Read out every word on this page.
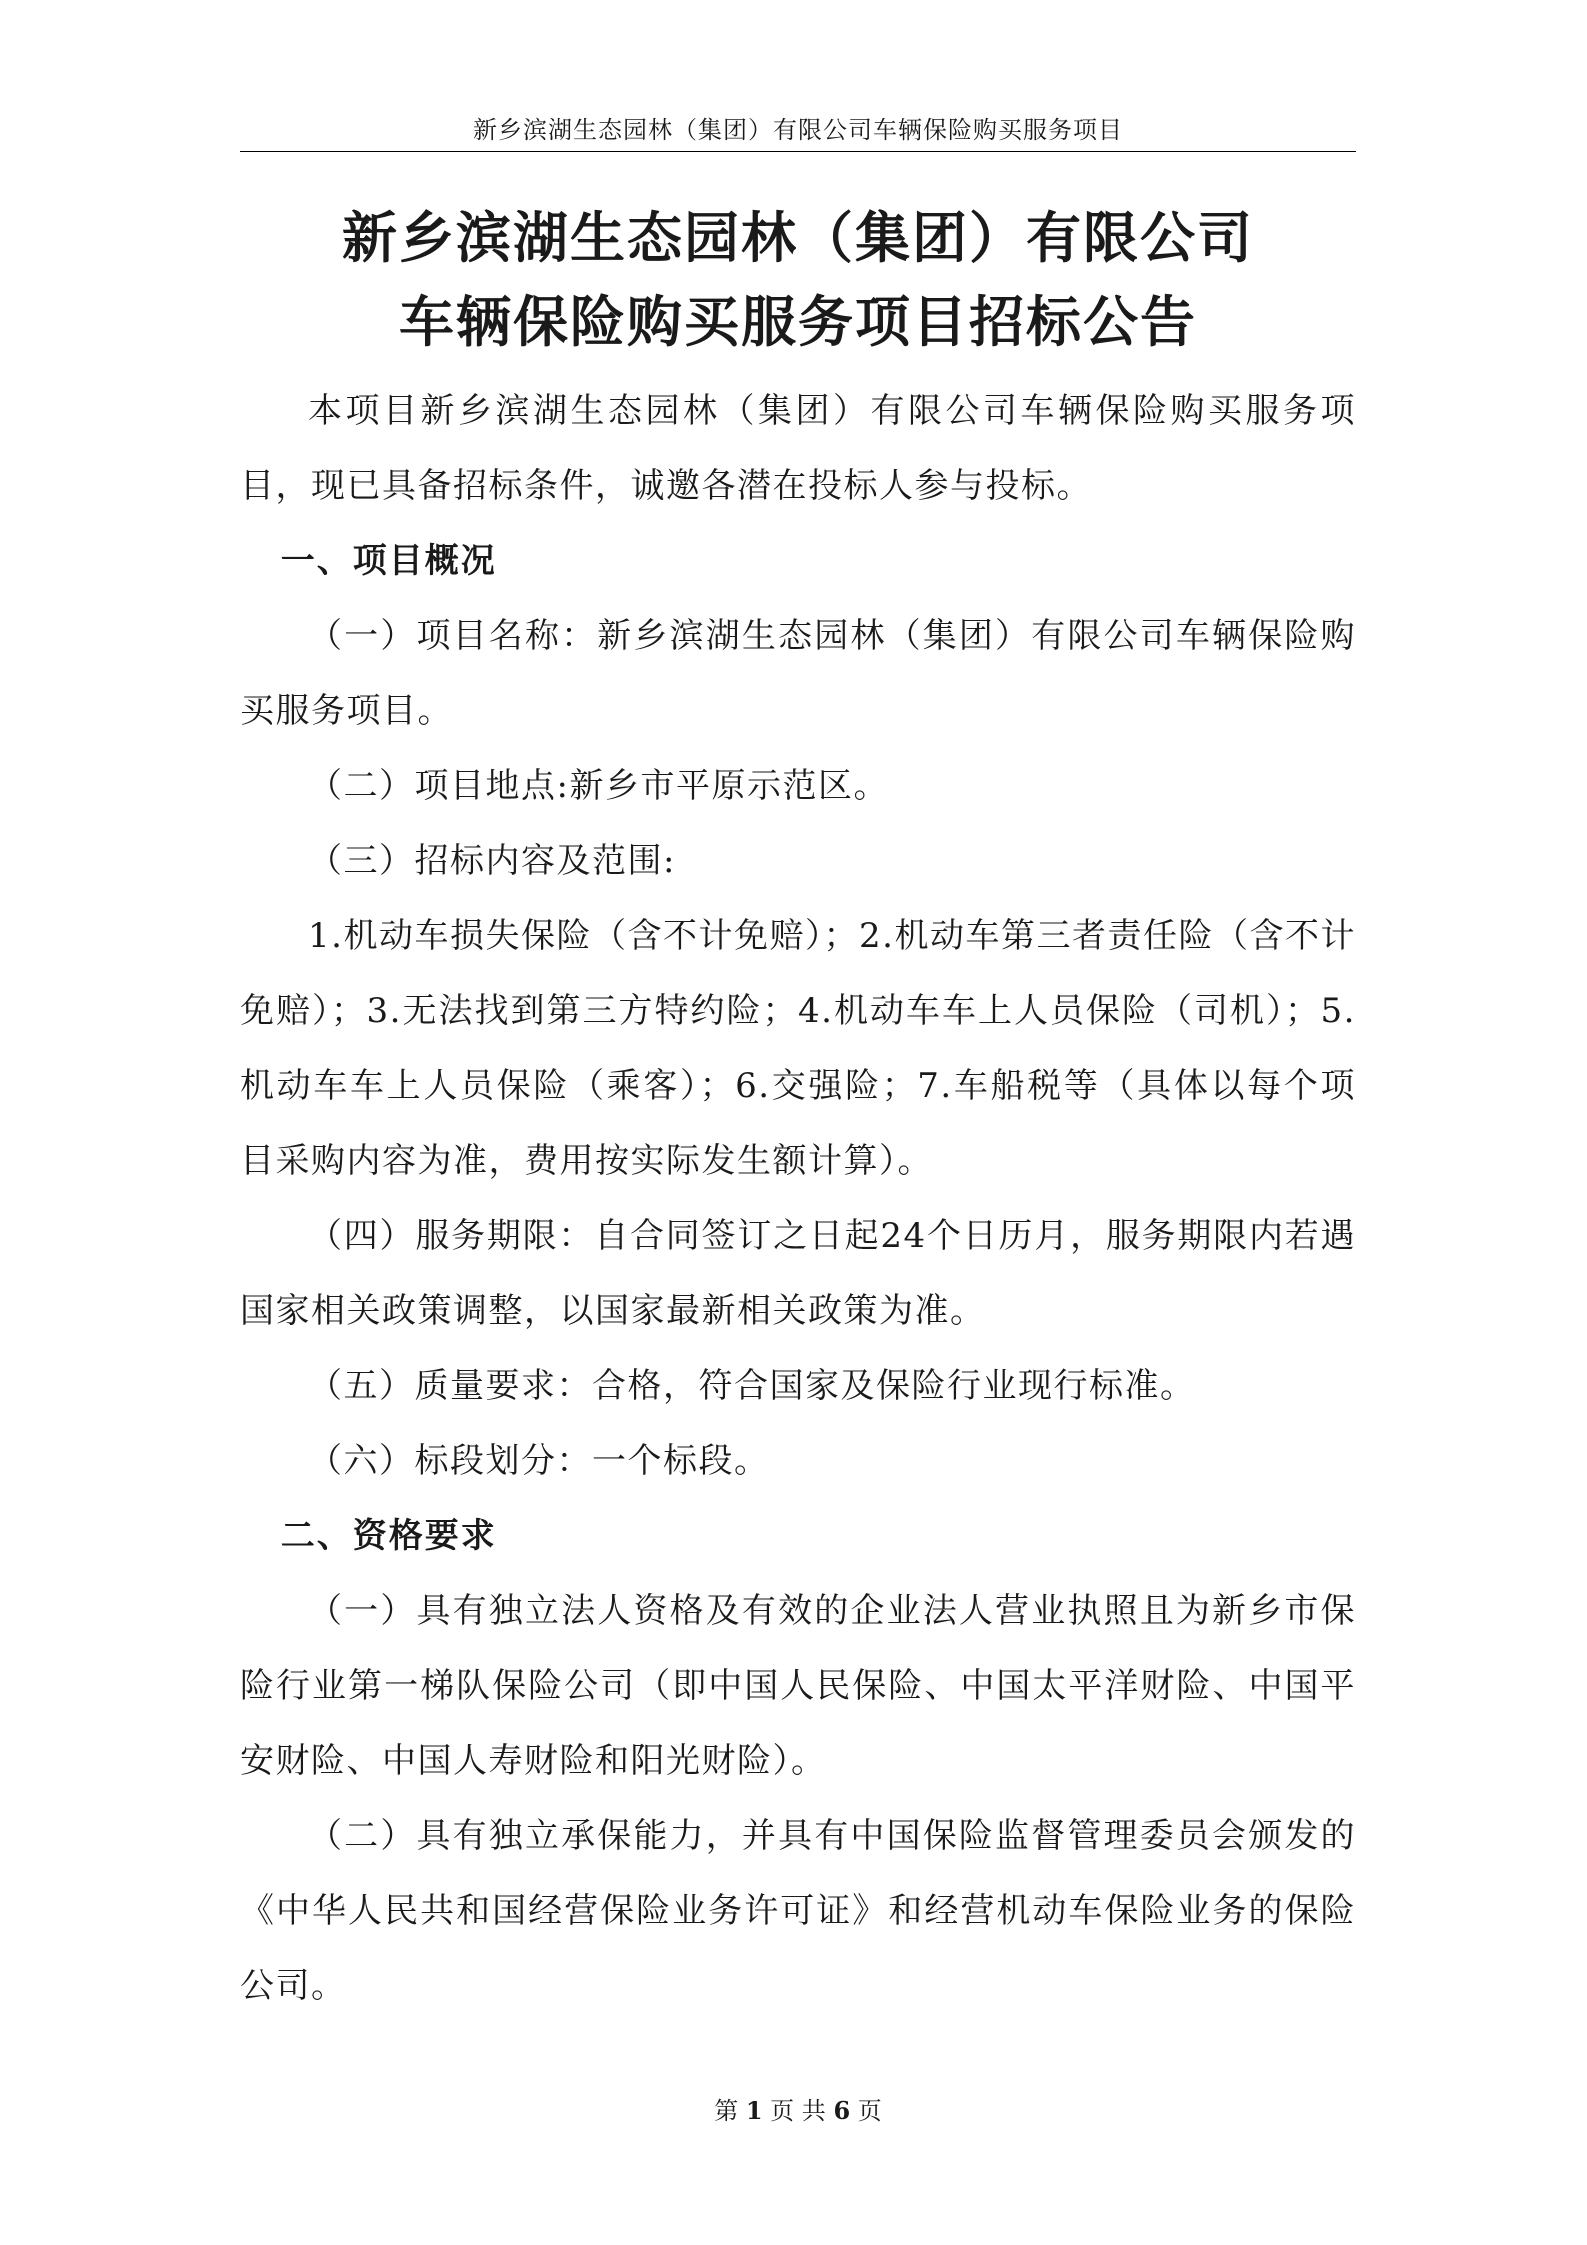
新乡滨湖生态园林（集团）有限公司车辆保险购买服务项目
新乡滨湖生态园林（集团）有限公司
车辆保险购买服务项目招标公告

本项目新乡滨湖生态园林（集团）有限公司车辆保险购买服务项目，现已具备招标条件，诚邀各潜在投标人参与投标。

一、项目概况

（一）项目名称：新乡滨湖生态园林（集团）有限公司车辆保险购买服务项目。

（二）项目地点:新乡市平原示范区。

（三）招标内容及范围:

1.机动车损失保险（含不计免赔）；2.机动车第三者责任险（含不计免赔）；3.无法找到第三方特约险；4.机动车车上人员保险（司机）；5.机动车车上人员保险（乘客）；6.交强险；7.车船税等（具体以每个项目采购内容为准，费用按实际发生额计算）。

（四）服务期限：自合同签订之日起24个日历月，服务期限内若遇国家相关政策调整，以国家最新相关政策为准。

（五）质量要求：合格，符合国家及保险行业现行标准。

（六）标段划分：一个标段。

二、资格要求

（一）具有独立法人资格及有效的企业法人营业执照且为新乡市保险行业第一梯队保险公司（即中国人民保险、中国太平洋财险、中国平安财险、中国人寿财险和阳光财险）。

（二）具有独立承保能力，并具有中国保险监督管理委员会颁发的《中华人民共和国经营保险业务许可证》和经营机动车保险业务的保险公司。

第 1 页 共 6 页
